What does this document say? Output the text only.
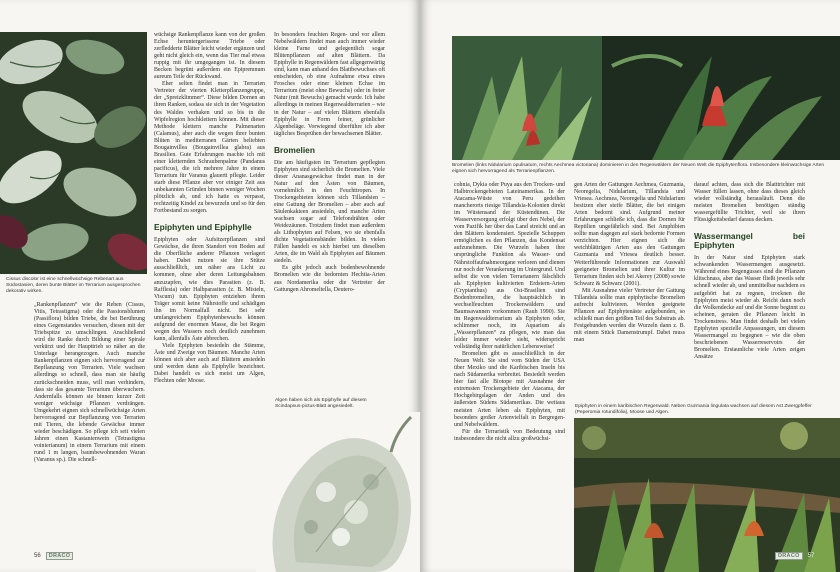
Cissus discolor ist eine schnellwüchsige Rebenart aus Südostasien, deren bunte Blätter im Terrarium ausgesprochen dekorativ wirken.

„Rankenpflanzen“ wie die Reben (Cissus, Vitis, Tetrastigma) oder die Passionsblumen (Passiflora) bilden Triebe, die bei Berührung eines Gegenstandes versuchen, diesen mit der Triebspitze zu umschlingen. Anschließend wird die Ranke durch Bildung einer Spirale verkürzt und der Haupttrieb so näher an die Unterlage herangezogen. Auch manche Rankenpflanzen eignen sich hervorragend zur Bepflanzung von Terrarien. Viele wachsen allerdings so schnell, dass man sie häufig zurückschneiden muss, will man verhindern, dass sie das gesamte Terrarium überwuchern. Andernfalls können sie binnen kurzer Zeit weniger wüchsige Pflanzen verdrängen. Umgekehrt eignen sich schnellwüchsige Arten hervorragend zur Bepflanzung von Terrarien mit Tieren, die lebende Gewächse immer wieder beschädigen. So pflege ich seit vielen Jahren einen Kastanienwein (Tetrastigma voinierianum) in einem Terrarium mit einem rund 1 m langen, baumbewohnenden Waran (Varanus sp.). Die schnell-

wüchsige Rankenpflanze kann von der großen Echse heruntergerissene Triebe oder zerfledderte Blätter leicht wieder ergänzen und geht nicht gleich ein, wenn das Tier mal etwas ruppig mit ihr umgegangen ist. In diesem Becken begrünt außerdem ein Epipremnum aureum Teile der Rückwand.

Eher selten findet man in Terrarien Vertreter der vierten Kletterpflanzengruppe, der „Spreizklimmer“. Diese bilden Dornen an ihren Ranken, sodass sie sich in der Vegetation des Waldes verhaken und so bis in die Wipfelregion hochklettern können. Mit dieser Methode klettern manche Palmenarten (Calamus), aber auch die wegen ihrer bunten Blüten in mediterranen Gärten beliebten Bougainvillea (Bougainvillea glabra) aus Brasilien. Gute Erfahrungen machte ich mit einer kletternden Schraubenpalme (Pandanus pacificus), die ich mehrere Jahre in einem Terrarium für Varanus glauerti pflegte. Leider starb diese Pflanze aber vor einiger Zeit aus unbekannten Gründen binnen weniger Wochen plötzlich ab, und ich hatte es verpasst, rechtzeitig Kindel zu bewurzeln und so für den Fortbestand zu sorgen.

Epiphyten und Epiphylle

Epiphyten oder Aufsitzerpflanzen sind Gewächse, die ihren Standort von Boden auf die Oberfläche anderer Pflanzen verlagert haben. Dabei nutzen sie ihre Stütze ausschließlich, um näher ans Licht zu kommen, ohne aber deren Leitungsbahnen anzuzapfen, wie dies Parasiten (z. B. Rafflesia) oder Halbparasiten (z. B. Misteln, Viscum) tun. Epiphyten entziehen ihrem Träger somit keine Nährstoffe und schädigen ihn im Normalfall nicht. Bei sehr umfangreichem Epiphytenbewuchs können aufgrund der enormen Masse, die bei Regen wegen des Wassers noch deutlich zunehmen kann, allenfalls Äste abbrechen.

Viele Epiphyten besiedeln die Stämme, Äste und Zweige von Bäumen. Manche Arten können sich aber auch auf Blättern ansiedeln und werden dann als Epiphylle bezeichnet. Dabei handelt es sich meist um Algen, Flechten oder Moose.

In besonders feuchten Regen- und vor allem Nebelwäldern findet man auch immer wieder kleine Farne und gelegentlich sogar Blütenpflanzen auf alten Blättern. Da Epiphylle in Regenwäldern fast allgegenwärtig sind, kann man anhand des Blattbewuchses oft entscheiden, ob eine Aufnahme etwa eines Frosches oder einer kleinen Echse im Terrarium (meist ohne Bewuchs) oder in freier Natur (mit Bewuchs) gemacht wurde. Ich habe allerdings in meinen Regenwaldterrarien – wie in der Natur – auf vielen Blättern ebenfalls Epiphylle in Form feiner, grünlicher Algenbeläge. Vorwiegend überführe ich aber tägliches Besprühen der bewachsenen Blätter.

Bromelien

Die am häufigsten im Terrarium gepflegten Epiphyten sind sicherlich die Bromelien. Viele dieser Ananasgewächse findet man in der Natur auf den Ästen von Bäumen, vornehmlich in den Feuchttropen. In Trockengebieten können sich Tillandsien – eine Gattung der Bromelien – aber auch auf Säulenkakteen ansiedeln, und manche Arten wachsen sogar auf Telefondrähten oder Weidezäunen. Trotzdem findet man außerdem als Lithophyten auf Felsen, wo sie ebenfalls dichte Vegetationsbänder bilden. In vielen Fällen handelt es sich hierbei um dieselben Arten, die im Wald als Epiphyten auf Bäumen siedeln.

Es gibt jedoch auch bodenbewohnende Bromelien wie die bedornten Hechtia-Arten aus Nordamerika oder die Vertreter der Gattungen Ahromeltella, Deutero-

Algen haben sich als Epiphylle auf diesem Scindapsus-pictus-Blatt angesiedelt.
56	DRACO
Bromelien (links Nidularium opulisatum, rechts Aechmea victoriana) dominieren in den Regenwäldern der Neuen Welt die Epiphytenflora. Insbesondere kleinwüchsige Arten eignen sich hervorragend als Terrarienpflanzen.

cohnia, Dykia oder Puya aus den Trocken- und Halbtrockengebieten Lateinamerikas. In der Atacama-Wüste von Peru gedeihen mancherorts riesige Tillandsia-Kolonien direkt im Wüstensand der Küstendünen. Die Wasserversorgung erfolgt über den Nebel, der vom Pazifik her über das Land streicht und an den Blättern kondensiert. Spezielle Schuppen ermöglichen es den Pflanzen, das Kondensat aufzunehmen. Die Wurzeln haben ihre ursprüngliche Funktion als Wasser- und Nährstoffaufnahmeorgane verloren und dienen nur noch der Verankerung im Untergrund. Und selbst die von vielen Terrarianern fälschlich als Epiphyten kultivierten Erdstern-Arten (Cryptanthus) aus Ost-Brasilien sind Bodenbromelien, die hauptsächlich in wechselfeuchten Trockenwäldern und Baumsavannen vorkommen (Rauh 1990). Sie im Regenwaldterrarium als Epiphyten oder, schlimmer noch, im Aquarium als „Wasserpflanzen“ zu pflegen, wie man das leider immer wieder sieht, widerspricht vollständig ihrer natürlichen Lebensweise!

Bromelien gibt es ausschließlich in der Neuen Welt. Sie sind vom Süden der USA über Mexiko und die Karibischen Inseln bis nach Südamerika verbreitet. Besiedelt werden hier fast alle Biotope mit Ausnahme der extremsten Trockengebiete der Atacama, der Hochgebirgslagen der Anden und des äußersten Südens Südamerikas. Die weitaus meisten Arten leben als Epiphyten, mit besonders großer Artenvielfalt in Bergregen- und Nebelwäldern.

Für die Terraristik von Bedeutung sind insbesondere die nicht allzu großwüchsi-

gen Arten der Gattungen Aechmea, Guzmania, Neoregelia, Nidularium, Tillandsia und Vriesea. Aechmea, Neoregelia und Nidularium besitzen eher steife Blätter, die bei einigen Arten bedornt sind. Aufgrund meiner Erfahrungen schließe ich, dass die Dornen für Reptilien ungefährlich sind. Bei Amphibien sollte man dagegen auf stark bedornte Formen verzichten. Hier eignen sich die weichblättrigen Arten aus den Gattungen Guzmania und Vriesea deutlich besser. Weiterführende Informationen zur Auswahl geeigneter Bromelien und ihrer Kultur im Terrarium finden sich bei Akerey (2008) sowie Schwarz & Schwarz (2001).

Mit Ausnahme vieler Vertreter der Gattung Tillandsia sollte man epiphytische Bromelien aufrecht kultivieren. Werden geeignete Pflanzen auf Epiphytenäste aufgebunden, so schließt man den größten Teil des Substrats ab. Festgebunden werden die Wurzeln dann z. B. mit einem Stück Damenstrumpf. Dabei muss man

Epiphyten in einem karibischen Regenwald. Neben Guzmania lingulata wachsen auf diesem Ast Zwergpfeffer (Peperomia rotundifolia), Moose und Algen.

darauf achten, dass sich die Blatttrichter mit Wasser füllen lassen, ohne dass dieses gleich wieder vollständig herausläuft. Denn die meisten Bromelien benötigen ständig wassergefüllte Trichter, weil sie ihren Flüssigkeitsbedarf daraus decken.

Wassermangel bei Epiphyten

In der Natur sind Epiphyten stark schwankenden Wassermengen ausgesetzt. Während eines Regengusses sind die Pflanzen klitschnass, aber das Wasser fließt jeweils sehr schnell wieder ab, und unmittelbar nachdem es aufgehört hat zu regnen, trocknen die Epiphyten meist wieder ab. Reicht dann noch die Wolkendecke auf und die Sonne beginnt zu scheinen, geraten die Pflanzen leicht in Trockenstress. Man findet deshalb bei vielen Epiphyten spezielle Anpassungen, um diesem Wassermangel zu begegnen – wie die oben beschriebenen Wasserreservoirs der Bromelien. Erstaunliche viele Arten zeigen Ansätze

DRACO	57
